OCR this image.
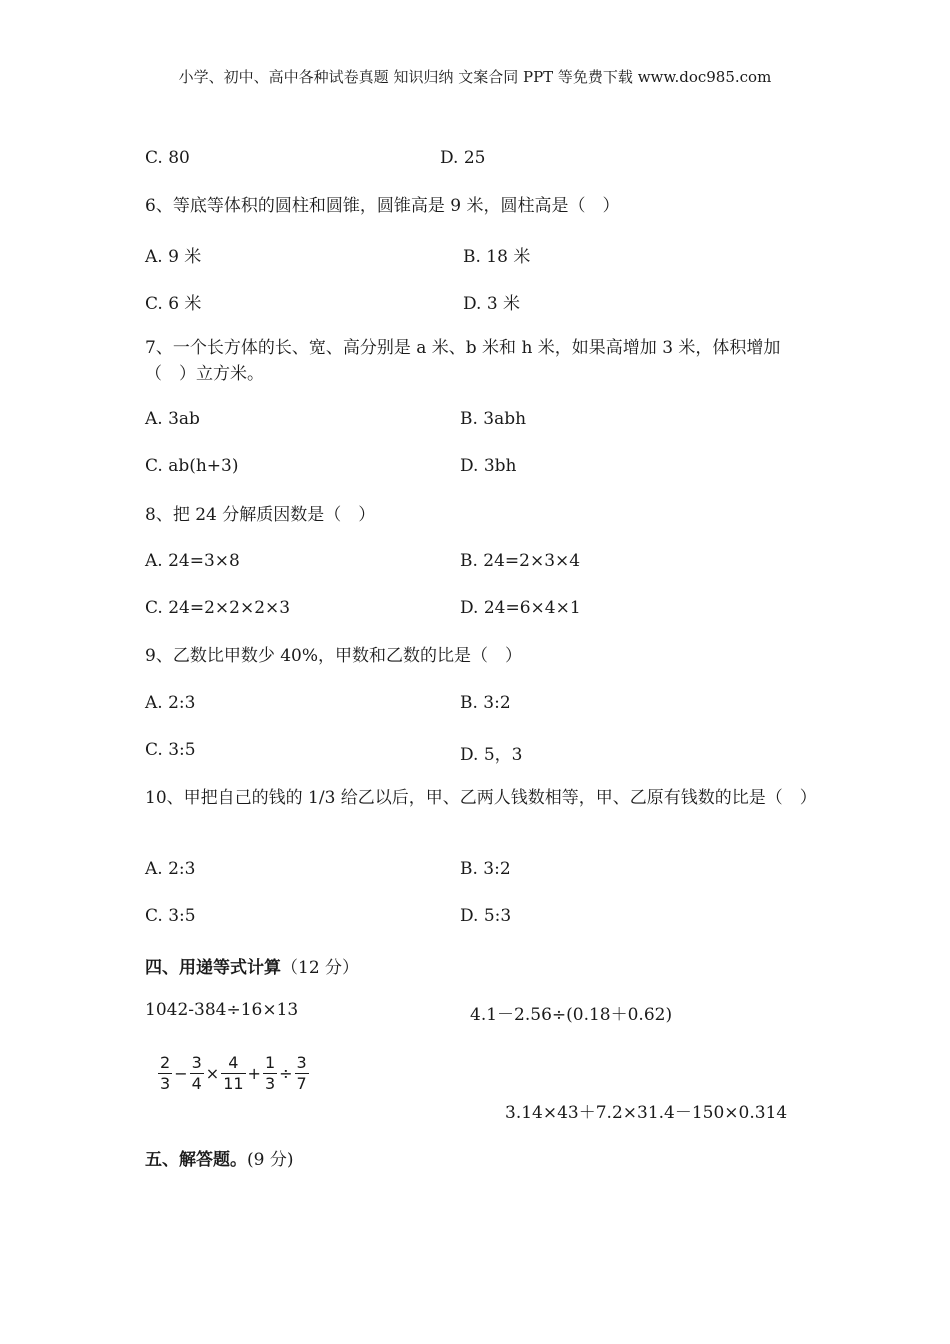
小学、初中、高中各种试卷真题 知识归纳 文案合同 PPT 等免费下载 www.doc985.com
C. 80	D. 25
6、等底等体积的圆柱和圆锥，圆锥高是 9 米，圆柱高是（　）
A. 9 米	B. 18 米
C. 6 米	D. 3 米
7、一个长方体的长、宽、高分别是 a 米、b 米和 h 米，如果高增加 3 米，体积增加（　）立方米。
A. 3ab	B. 3abh
C. ab(h+3)	D. 3bh
8、把 24 分解质因数是（　）
A. 24=3×8	B. 24=2×3×4
C. 24=2×2×2×3	D. 24=6×4×1
9、乙数比甲数少 40%，甲数和乙数的比是（　）
A. 2:3	B. 3:2
C. 3:5	D. 5，3
10、甲把自己的钱的 1/3 给乙以后，甲、乙两人钱数相等，甲、乙原有钱数的比是（　）
A. 2:3	B. 3:2
C. 3:5	D. 5:3
四、用递等式计算（12 分）
1042-384÷16×13	4.1－2.56÷(0.18＋0.62)
$\frac{2}{3} - \frac{3}{4} \times \frac{4}{11} + \frac{1}{3} \div \frac{3}{7}$
3.14×43＋7.2×31.4－150×0.314
五、解答题。(9 分)
